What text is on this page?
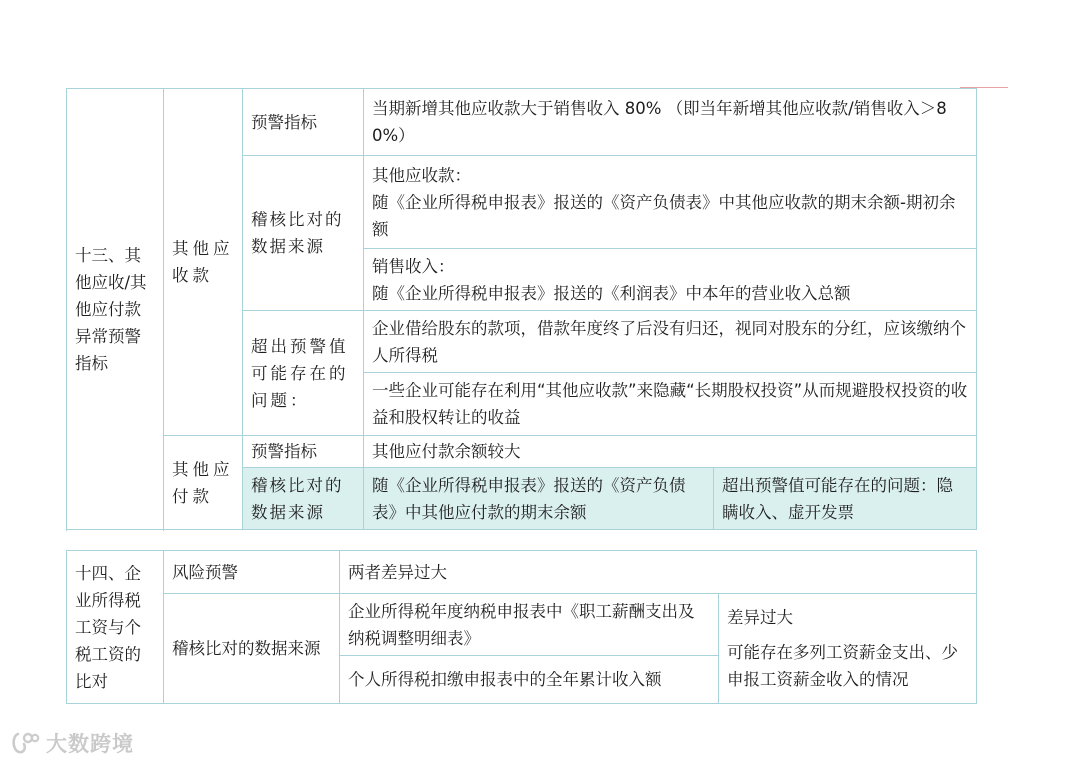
十三、其他应收/其他应付款异常预警指标	其他应收款	预警指标	当期新增其他应收款大于销售收入 80% （即当年新增其他应收款/销售收入＞80%）	
		稽核比对的数据来源	其他应收款：
随《企业所得税申报表》报送的《资产负债表》中其他应收款的期末余额-期初余额	

			销售收入：
随《企业所得税申报表》报送的《利润表》中本年的营业收入总额	

		超出预警值可能存在的问题：	企业借给股东的款项，借款年度终了后没有归还，视同对股东的分红，应该缴纳个人所得税	
			一些企业可能存在利用“其他应收款”来隐藏“长期股权投资”从而规避股权投资的收益和股权转让的收益	

	其他应付款	预警指标	其他应付款余额较大	
		稽核比对的数据来源	随《企业所得税申报表》报送的《资产负债表》中其他应付款的期末余额	超出预警值可能存在的问题：隐瞒收入、虚开发票

十四、企业所得税工资与个税工资的比对	风险预警	两者差异过大	
	稽核比对的数据来源	企业所得税年度纳税申报表中《职工薪酬支出及纳税调整明细表》	差异过大
可能存在多列工资薪金支出、少申报工资薪金收入的情况

		个人所得税扣缴申报表中的全年累计收入额	
大数跨境
